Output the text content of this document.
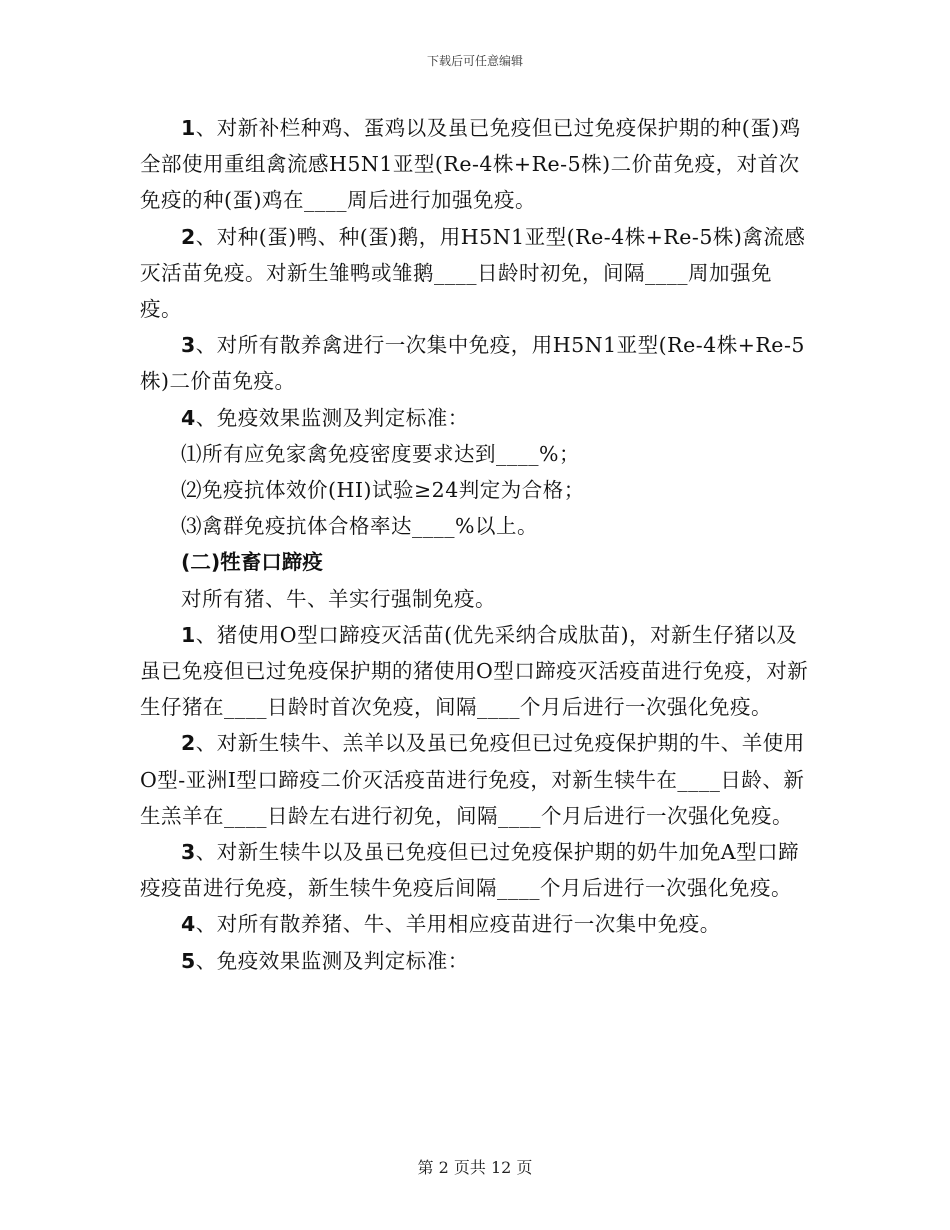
下载后可任意编辑

1、对新补栏种鸡、蛋鸡以及虽已免疫但已过免疫保护期的种(蛋)鸡全部使用重组禽流感H5N1亚型(Re-4株+Re-5株)二价苗免疫，对首次免疫的种(蛋)鸡在____周后进行加强免疫。

2、对种(蛋)鸭、种(蛋)鹅，用H5N1亚型(Re-4株+Re-5株)禽流感灭活苗免疫。对新生雏鸭或雏鹅____日龄时初免，间隔____周加强免疫。

3、对所有散养禽进行一次集中免疫，用H5N1亚型(Re-4株+Re-5株)二价苗免疫。

4、免疫效果监测及判定标准：

⑴所有应免家禽免疫密度要求达到____%；

⑵免疫抗体效价(HI)试验≥24判定为合格；

⑶禽群免疫抗体合格率达____%以上。

(二)牲畜口蹄疫

对所有猪、牛、羊实行强制免疫。

1、猪使用O型口蹄疫灭活苗(优先采纳合成肽苗)，对新生仔猪以及虽已免疫但已过免疫保护期的猪使用O型口蹄疫灭活疫苗进行免疫，对新生仔猪在____日龄时首次免疫，间隔____个月后进行一次强化免疫。

2、对新生犊牛、羔羊以及虽已免疫但已过免疫保护期的牛、羊使用O型-亚洲I型口蹄疫二价灭活疫苗进行免疫，对新生犊牛在____日龄、新生羔羊在____日龄左右进行初免，间隔____个月后进行一次强化免疫。

3、对新生犊牛以及虽已免疫但已过免疫保护期的奶牛加免A型口蹄疫疫苗进行免疫，新生犊牛免疫后间隔____个月后进行一次强化免疫。

4、对所有散养猪、牛、羊用相应疫苗进行一次集中免疫。

5、免疫效果监测及判定标准：

第 2 页共 12 页
